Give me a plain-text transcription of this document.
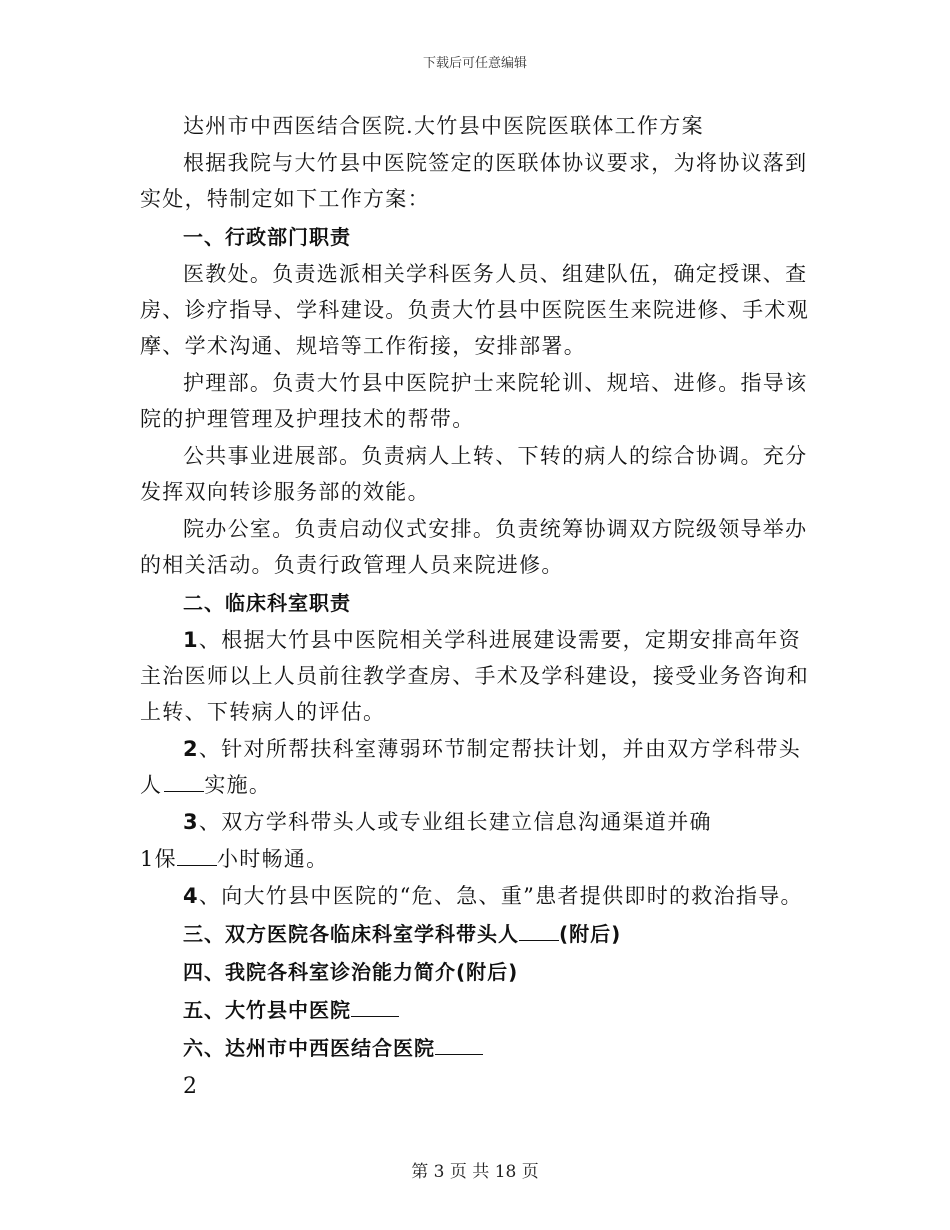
下载后可任意编辑

达州市中西医结合医院.大竹县中医院医联体工作方案

根据我院与大竹县中医院签定的医联体协议要求，为将协议落到实处，特制定如下工作方案：

一、行政部门职责

医教处。负责选派相关学科医务人员、组建队伍，确定授课、查房、诊疗指导、学科建设。负责大竹县中医院医生来院进修、手术观摩、学术沟通、规培等工作衔接，安排部署。

护理部。负责大竹县中医院护士来院轮训、规培、进修。指导该院的护理管理及护理技术的帮带。

公共事业进展部。负责病人上转、下转的病人的综合协调。充分发挥双向转诊服务部的效能。

院办公室。负责启动仪式安排。负责统筹协调双方院级领导举办的相关活动。负责行政管理人员来院进修。

二、临床科室职责

1、根据大竹县中医院相关学科进展建设需要，定期安排高年资主治医师以上人员前往教学查房、手术及学科建设，接受业务咨询和上转、下转病人的评估。

2、针对所帮扶科室薄弱环节制定帮扶计划，并由双方学科带头人 实施。

3、双方学科带头人或专业组长建立信息沟通渠道并确

1保 小时畅通。

4、向大竹县中医院的“危、急、重”患者提供即时的救治指导。

三、双方医院各临床科室学科带头人 (附后)
四、我院各科室诊治能力简介(附后)
五、大竹县中医院
六、达州市中西医结合医院
2
第 3 页 共 18 页
